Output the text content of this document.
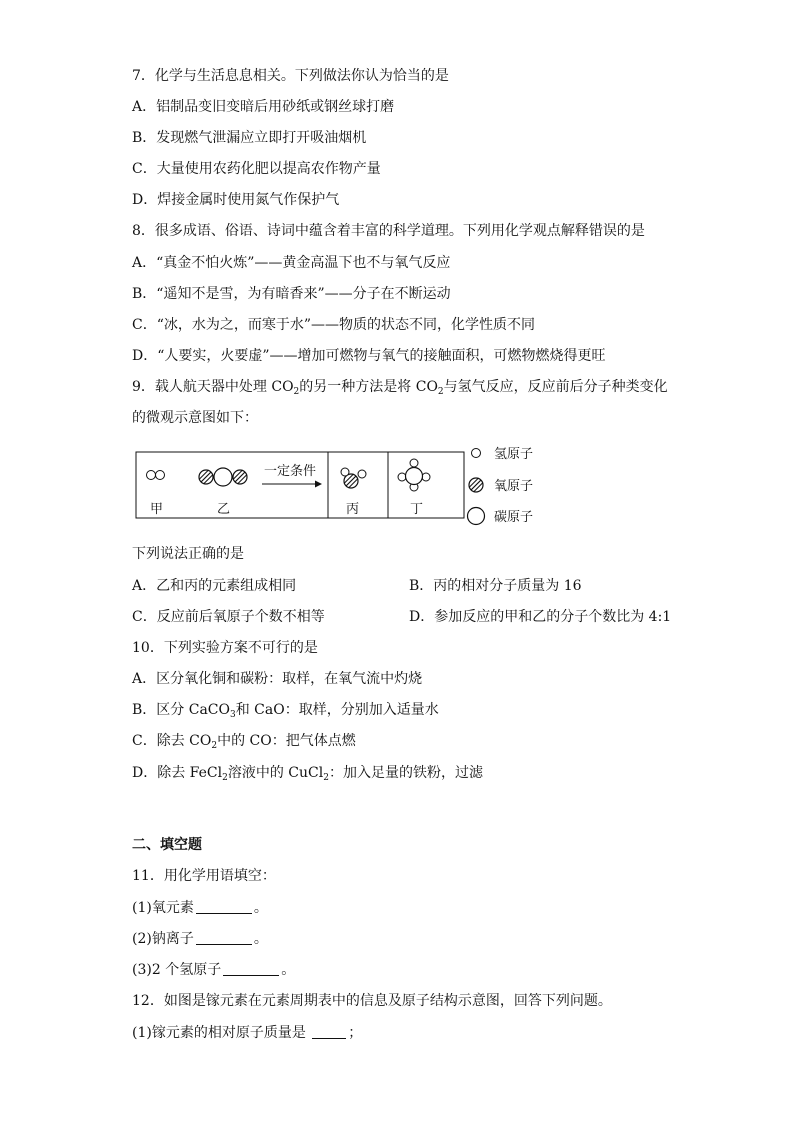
7．化学与生活息息相关。下列做法你认为恰当的是
A．铝制品变旧变暗后用砂纸或钢丝球打磨
B．发现燃气泄漏应立即打开吸油烟机
C．大量使用农药化肥以提高农作物产量
D．焊接金属时使用氮气作保护气
8．很多成语、俗语、诗词中蕴含着丰富的科学道理。下列用化学观点解释错误的是
A．“真金不怕火炼”——黄金高温下也不与氧气反应
B．“遥知不是雪，为有暗香来”——分子在不断运动
C．“冰，水为之，而寒于水”——物质的状态不同，化学性质不同
D．“人要实，火要虚”——增加可燃物与氧气的接触面积，可燃物燃烧得更旺
9．载人航天器中处理 $CO_2$的另一种方法是将 $CO_2$与氢气反应，反应前后分子种类变化
的微观示意图如下：
甲	乙
一定条件
丙	丁
氢原子
氧原子
碳原子
下列说法正确的是
A．乙和丙的元素组成相同	B．丙的相对分子质量为 16
C．反应前后氧原子个数不相等	D．参加反应的甲和乙的分子个数比为 4:1
10．下列实验方案不可行的是
A．区分氧化铜和碳粉：取样，在氧气流中灼烧
B．区分 CaCO$_3$和 CaO：取样，分别加入适量水
C．除去 $CO_2$中的 CO：把气体点燃
D．除去 FeCl$_2$溶液中的 CuCl$_2$：加入足量的铁粉，过滤
二、填空题
11．用化学用语填空：
(1)氧元素	。
(2)钠离子	。
(3)2 个氢原子	。
12．如图是镓元素在元素周期表中的信息及原子结构示意图，回答下列问题。
(1)镓元素的相对原子质量是	；
